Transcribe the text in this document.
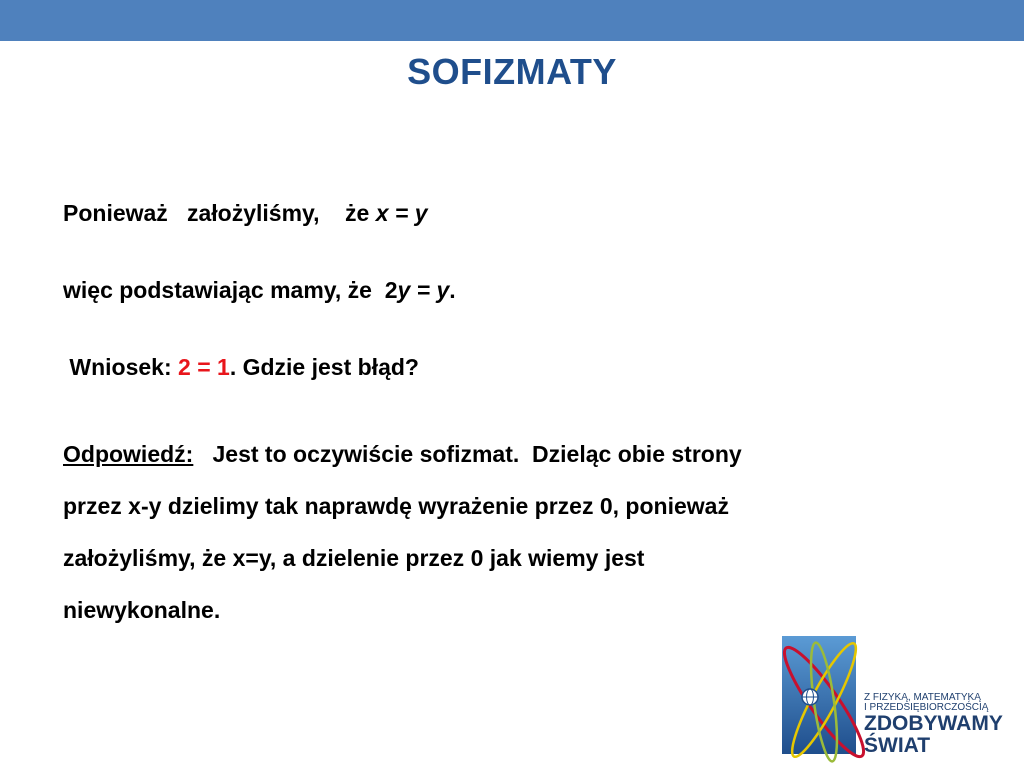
SOFIZMATY
Ponieważ   założyliśmy,    że x = y
więc podstawiając mamy, że  2y = y.
Wniosek: 2 = 1. Gdzie jest błąd?
Odpowiedź:   Jest to oczywiście sofizmat.  Dzieląc obie strony
przez x-y dzielimy tak naprawdę wyrażenie przez 0, ponieważ
założyliśmy, że x=y, a dzielenie przez 0 jak wiemy jest
niewykonalne.
Z FIZYKĄ, MATEMATYKĄ
I PRZEDSIĘBIORCZOŚCIĄ
ZDOBYWAMY
ŚWIAT
